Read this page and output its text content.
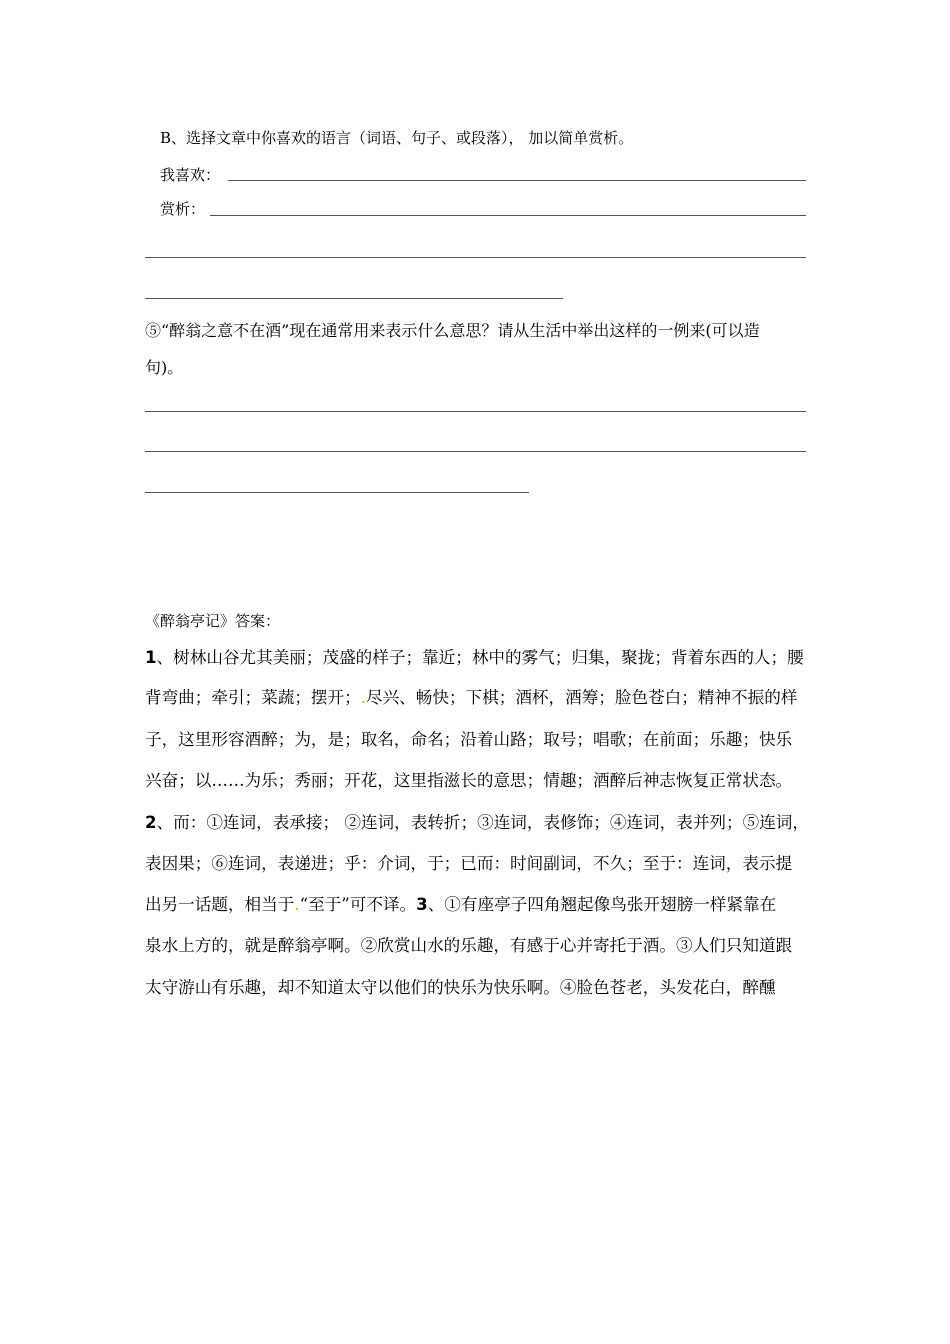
B、选择文章中你喜欢的语言（词语、句子、或段落）， 加以简单赏析。
我喜欢：
赏析：
⑤“醉翁之意不在酒”现在通常用来表示什么意思？请从生活中举出这样的一例来(可以造
句)。
《醉翁亭记》答案：
1、树林山谷尤其美丽；茂盛的样子；靠近；林中的雾气；归集，聚拢；背着东西的人；腰
背弯曲；牵引；菜蔬；摆开；.尽兴、畅快；下棋；酒杯，酒筹；脸色苍白；精神不振的样
子，这里形容酒醉；为，是；取名，命名；沿着山路；取号；唱歌；在前面；乐趣；快乐
兴奋；以……为乐；秀丽；开花，这里指滋长的意思；情趣；酒醉后神志恢复正常状态。
2、而：①连词，表承接； ②连词，表转折；③连词，表修饰；④连词，表并列；⑤连词，
表因果；⑥连词，表递进；乎：介词，于；已而：时间副词，不久；至于：连词，表示提
出另一话题，相当于.“至于”可不译。3、①有座亭子四角翘起像鸟张开翅膀一样紧靠在
泉水上方的，就是醉翁亭啊。②欣赏山水的乐趣，有感于心并寄托于酒。③人们只知道跟
太守游山有乐趣，却不知道太守以他们的快乐为快乐啊。④脸色苍老，头发花白，醉醺
